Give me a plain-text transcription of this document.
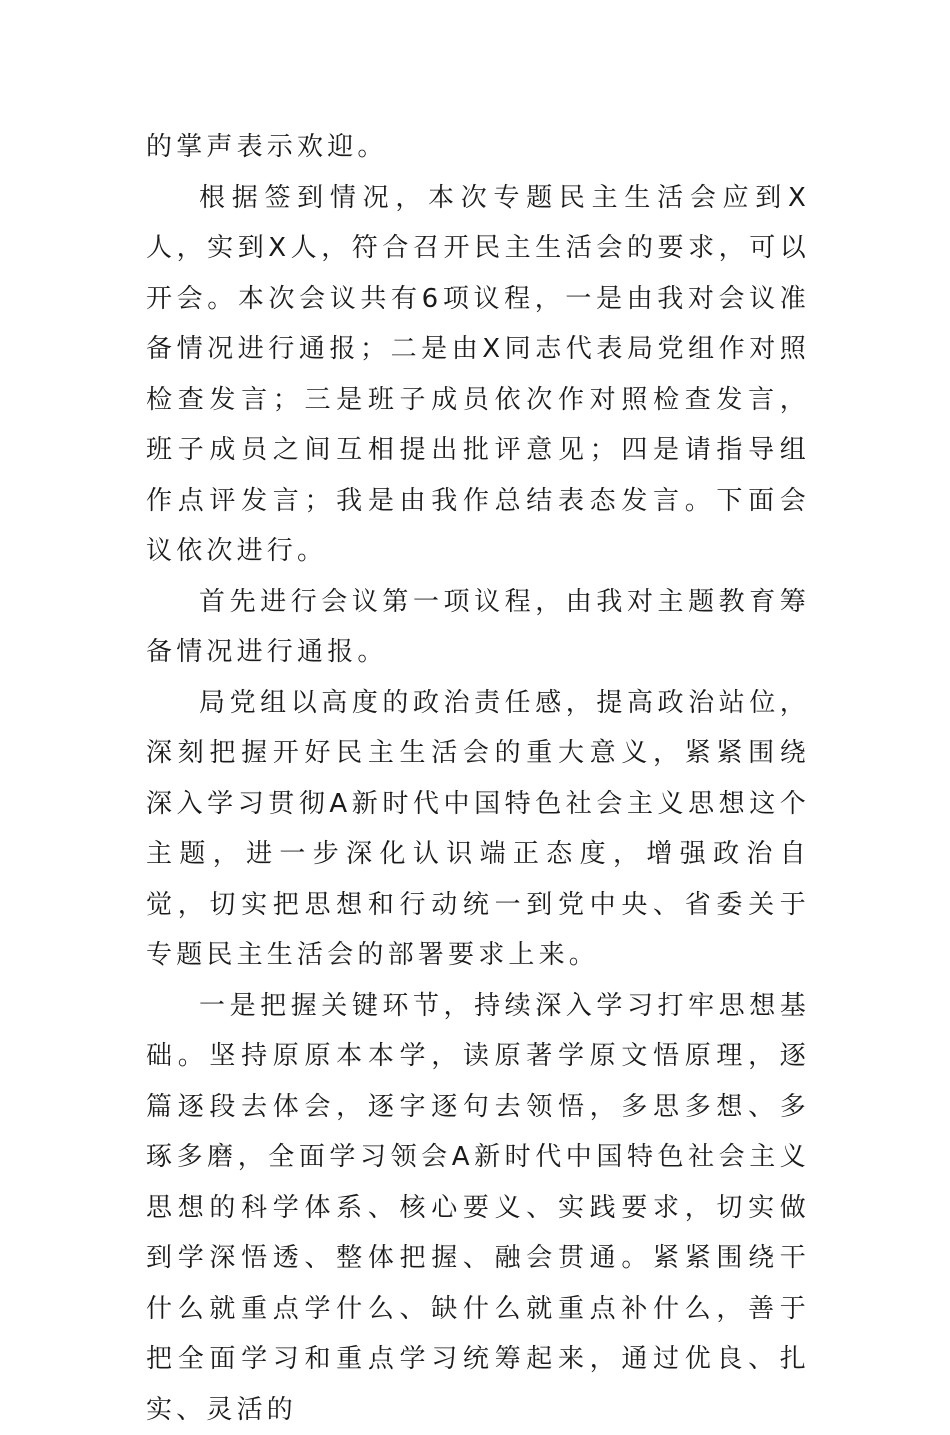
的掌声表示欢迎。

根据签到情况，本次专题民主生活会应到X人，实到X人，符合召开民主生活会的要求，可以开会。本次会议共有6项议程，一是由我对会议准备情况进行通报；二是由X同志代表局党组作对照检查发言；三是班子成员依次作对照检查发言，班子成员之间互相提出批评意见；四是请指导组作点评发言；我是由我作总结表态发言。下面会议依次进行。

首先进行会议第一项议程，由我对主题教育筹备情况进行通报。

局党组以高度的政治责任感，提高政治站位，深刻把握开好民主生活会的重大意义，紧紧围绕深入学习贯彻A新时代中国特色社会主义思想这个主题，进一步深化认识端正态度，增强政治自觉，切实把思想和行动统一到党中央、省委关于专题民主生活会的部署要求上来。

一是把握关键环节，持续深入学习打牢思想基础。坚持原原本本学，读原著学原文悟原理，逐篇逐段去体会，逐字逐句去领悟，多思多想、多琢多磨，全面学习领会A新时代中国特色社会主义思想的科学体系、核心要义、实践要求，切实做到学深悟透、整体把握、融会贯通。紧紧围绕干什么就重点学什么、缺什么就重点补什么，善于把全面学习和重点学习统筹起来，通过优良、扎实、灵活的
